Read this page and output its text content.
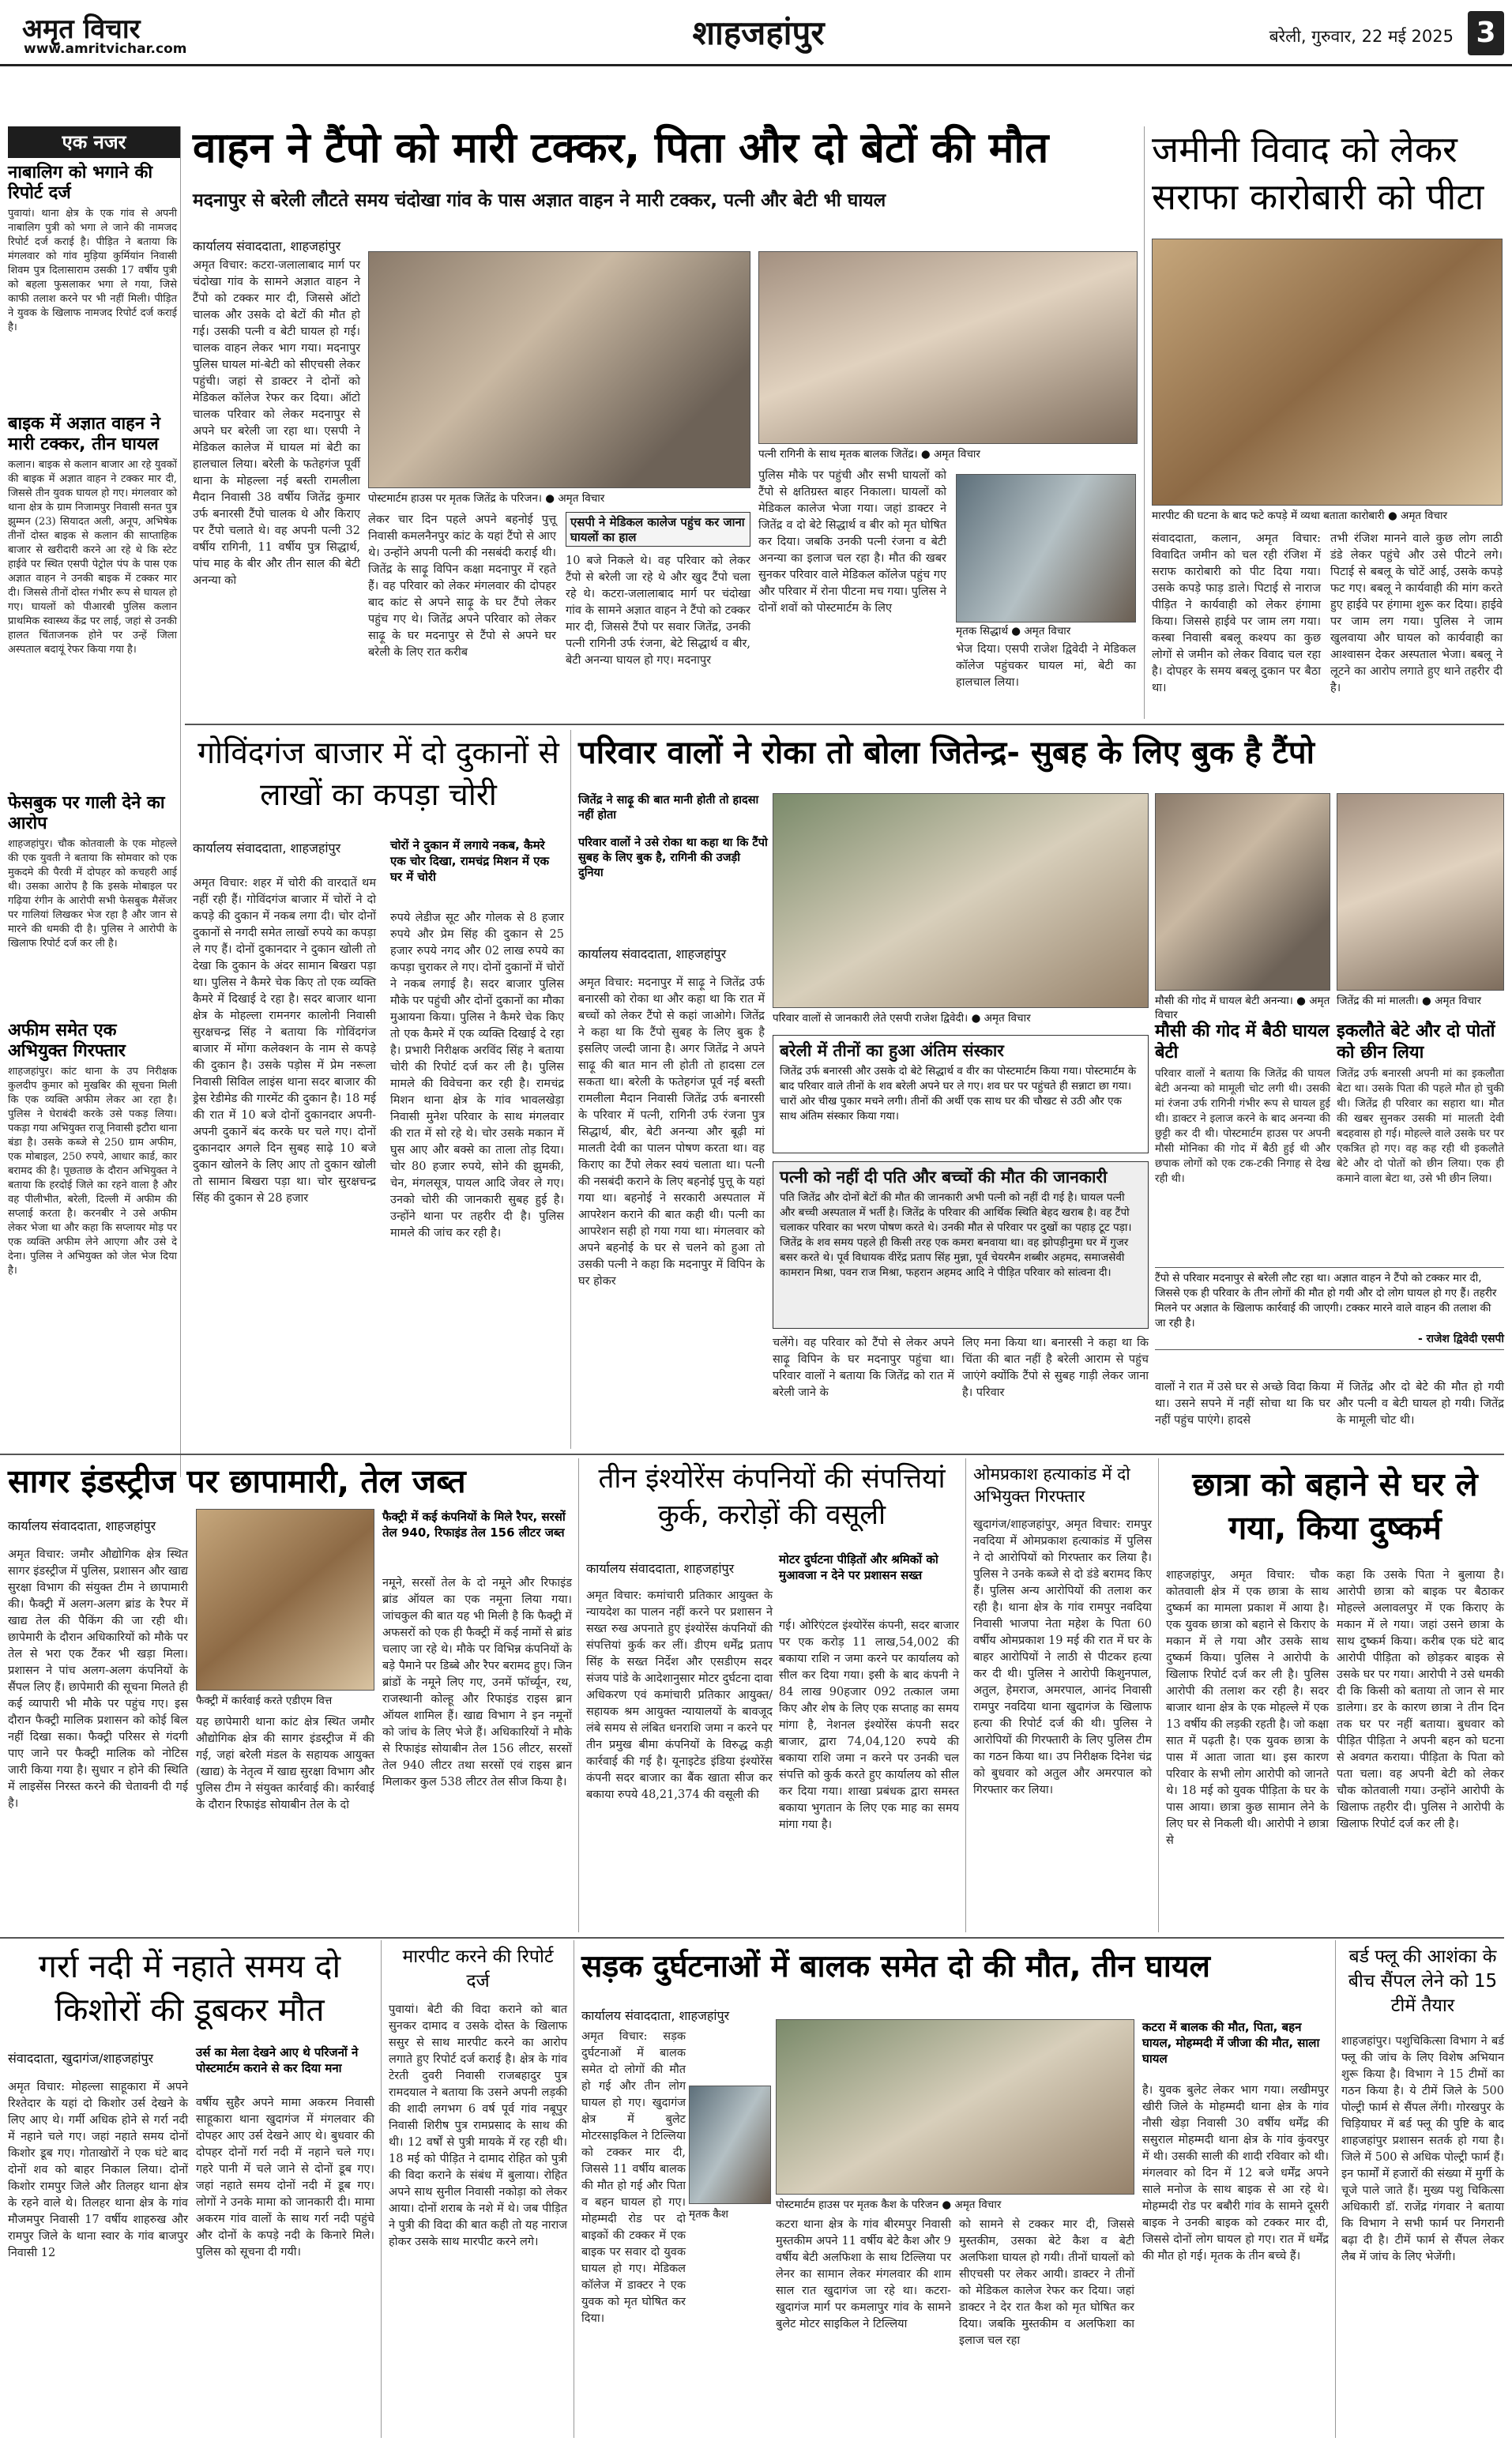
अमृत विचार
www.amritvichar.com	शाहजहांपुर	बरेली, गुरुवार, 22 मई 2025 3
एक नजर
नाबालिग को भगाने की रिपोर्ट दर्ज
पुवायां। थाना क्षेत्र के एक गांव से अपनी नाबालिग पुत्री को भगा ले जाने की नामजद रिपोर्ट दर्ज कराई है। पीड़ित ने बताया कि मंगलवार को गांव मुड़िया कुर्मियांन निवासी शिवम पुत्र दिलासाराम उसकी 17 वर्षीय पुत्री को बहला फुसलाकर भगा ले गया, जिसे काफी तलाश करने पर भी नहीं मिली। पीड़ित ने युवक के खिलाफ नामजद रिपोर्ट दर्ज कराई है।
बाइक में अज्ञात वाहन ने मारी टक्कर, तीन घायल
कलान। बाइक से कलान बाजार आ रहे युवकों की बाइक में अज्ञात वाहन ने टक्कर मार दी, जिससे तीन युवक घायल हो गए। मंगलवार को थाना क्षेत्र के ग्राम निजामपुर निवासी सनत पुत्र झुम्मन (23) सियादत अली, अनूप, अभिषेक तीनों दोस्त बाइक से कलान की साप्ताहिक बाजार से खरीदारी करने आ रहे थे कि स्टेट हाईवे पर स्थित एसपी पेट्रोल पंप के पास एक अज्ञात वाहन ने उनकी बाइक में टक्कर मार दी। जिससे तीनों दोस्त गंभीर रूप से घायल हो गए। घायलों को पीआरबी पुलिस कलान प्राथमिक स्वास्थ्य केंद्र पर लाई, जहां से उनकी हालत चिंताजनक होने पर उन्हें जिला अस्पताल बदायूं रेफर किया गया है।
फेसबुक पर गाली देने का आरोप
शाहजहांपुर। चौक कोतवाली के एक मोहल्ले की एक युवती ने बताया कि सोमवार को एक मुकदमे की पैरवी में दोपहर को कचहरी आई थी। उसका आरोप है कि इसके मोबाइल पर गढ़िया रंगीन के आरोपी सभी फेसबुक मैसेंजर पर गालियां लिखकर भेज रहा है और जान से मारने की धमकी दी है। पुलिस ने आरोपी के खिलाफ रिपोर्ट दर्ज कर ली है।
अफीम समेत एक अभियुक्त गिरफ्तार
शाहजहांपुर। कांट थाना के उप निरीक्षक कुलदीप कुमार को मुखबिर की सूचना मिली कि एक व्यक्ति अफीम लेकर आ रहा है। पुलिस ने घेराबंदी करके उसे पकड़ लिया। पकड़ा गया अभियुक्त राजू निवासी इटौरा थाना बंडा है। उसके कब्जे से 250 ग्राम अफीम, एक मोबाइल, 250 रुपये, आधार कार्ड, कार बरामद की है। पूछताछ के दौरान अभियुक्त ने बताया कि हरदोई जिले का रहने वाला है और वह पीलीभीत, बरेली, दिल्ली में अफीम की सप्लाई करता है। करनबीर ने उसे अफीम लेकर भेजा था और कहा कि सप्लायर मोड़ पर एक व्यक्ति अफीम लेने आएगा और उसे दे देना। पुलिस ने अभियुक्त को जेल भेज दिया है।
वाहन ने टैंपो को मारी टक्कर, पिता और दो बेटों की मौत
मदनापुर से बरेली लौटते समय चंदोखा गांव के पास अज्ञात वाहन ने मारी टक्कर, पत्नी और बेटी भी घायल
कार्यालय संवाददाता, शाहजहांपुर
पोस्टमार्टम हाउस पर मृतक जितेंद्र के परिजन। ● अमृत विचार
पत्नी रागिनी के साथ मृतक बालक जितेंद्र। ● अमृत विचार
अमृत विचार: कटरा-जलालाबाद मार्ग पर चंदोखा गांव के सामने अज्ञात वाहन ने टैंपो को टक्कर मार दी, जिससे ऑटो चालक और उसके दो बेटों की मौत हो गई। उसकी पत्नी व बेटी घायल हो गई। चालक वाहन लेकर भाग गया। मदनापुर पुलिस घायल मां-बेटी को सीएचसी लेकर पहुंची। जहां से डाक्टर ने दोनों को मेडिकल कॉलेज रेफर कर दिया। ऑटो चालक परिवार को लेकर मदनापुर से अपने घर बरेली जा रहा था। एसपी ने मेडिकल कालेज में घायल मां बेटी का हालचाल लिया। बरेली के फतेहगंज पूर्वी थाना के मोहल्ला नई बस्ती रामलीला मैदान निवासी 38 वर्षीय जितेंद्र कुमार उर्फ बनारसी टैंपो चालक थे और किराए पर टैंपो चलाते थे। वह अपनी पत्नी 32 वर्षीय रागिनी, 11 वर्षीय पुत्र सिद्धार्थ, पांच माह के बीर और तीन साल की बेटी अनन्या को
लेकर चार दिन पहले अपने बहनोई पुत्तू निवासी कमलनैनपुर कांट के यहां टैंपो से आए थे। उन्होंने अपनी पत्नी की नसबंदी कराई थी। जितेंद्र के साढ़ू विपिन कक्षा मदनापुर में रहते हैं। वह परिवार को लेकर मंगलवार की दोपहर बाद कांट से अपने साढ़ू के घर टैंपो लेकर पहुंच गए थे। जितेंद्र अपने परिवार को लेकर साढ़ू के घर मदनापुर से टैंपो से अपने घर बरेली के लिए रात करीब
एसपी ने मेडिकल कालेज पहुंच कर जाना घायलों का हाल
10 बजे निकले थे। वह परिवार को लेकर टैंपो से बरेली जा रहे थे और खुद टैंपो चला रहे थे। कटरा-जलालाबाद मार्ग पर चंदोखा गांव के सामने अज्ञात वाहन ने टैंपो को टक्कर मार दी, जिससे टैंपो पर सवार जितेंद्र, उनकी पत्नी रागिनी उर्फ रंजना, बेटे सिद्धार्थ व बीर, बेटी अनन्या घायल हो गए। मदनापुर
पुलिस मौके पर पहुंची और सभी घायलों को टैंपो से क्षतिग्रस्त बाहर निकाला। घायलों को मेडिकल कालेज भेजा गया। जहां डाक्टर ने जितेंद्र व दो बेटे सिद्धार्थ व बीर को मृत घोषित कर दिया। जबकि उनकी पत्नी रंजना व बेटी अनन्या का इलाज चल रहा है। मौत की खबर सुनकर परिवार वाले मेडिकल कॉलेज पहुंच गए और परिवार में रोना पीटना मच गया। पुलिस ने दोनों शवों को पोस्टमार्टम के लिए
मृतक सिद्धार्थ ● अमृत विचार
भेज दिया। एसपी राजेश द्विवेदी ने मेडिकल कॉलेज पहुंचकर घायल मां, बेटी का हालचाल लिया।
जमीनी विवाद को लेकर सराफा कारोबारी को पीटा
मारपीट की घटना के बाद फटे कपड़े में व्यथा बताता कारोबारी ● अमृत विचार
संवाददाता, कलान, अमृत विचार: विवादित जमीन को चल रही रंजिश में सराफ कारोबारी को पीट दिया गया। उसके कपड़े फाड़ डाले। पिटाई से नाराज पीड़ित ने कार्यवाही को लेकर हंगामा किया। जिससे हाईवे पर जाम लग गया। कस्बा निवासी बबलू कश्यप का कुछ लोगों से जमीन को लेकर विवाद चल रहा है। दोपहर के समय बबलू दुकान पर बैठा था।
तभी रंजिश मानने वाले कुछ लोग लाठी डंडे लेकर पहुंचे और उसे पीटने लगे। पिटाई से बबलू के चोटें आई, उसके कपड़े फट गए। बबलू ने कार्यवाही की मांग करते हुए हाईवे पर हंगामा शुरू कर दिया। हाईवे पर जाम लग गया। पुलिस ने जाम खुलवाया और घायल को कार्यवाही का आश्वासन देकर अस्पताल भेजा। बबलू ने लूटने का आरोप लगाते हुए थाने तहरीर दी है।
गोविंदगंज बाजार में दो दुकानों से लाखों का कपड़ा चोरी
कार्यालय संवाददाता, शाहजहांपुर	चोरों ने दुकान में लगाये नकब, कैमरे एक चोर दिखा, रामचंद्र मिशन में एक घर में चोरी
अमृत विचार: शहर में चोरी की वारदातें थम नहीं रही हैं। गोविंदगंज बाजार में चोरों ने दो कपड़े की दुकान में नकब लगा दी। चोर दोनों दुकानों से नगदी समेत लाखों रुपये का कपड़ा ले गए हैं। दोनों दुकानदार ने दुकान खोली तो देखा कि दुकान के अंदर सामान बिखरा पड़ा था। पुलिस ने कैमरे चेक किए तो एक व्यक्ति कैमरे में दिखाई दे रहा है। सदर बाजार थाना क्षेत्र के मोहल्ला रामनगर कालोनी निवासी सुरक्षचन्द्र सिंह ने बताया कि गोविंदगंज बाजार में मोंगा कलेक्शन के नाम से कपड़े की दुकान है। उसके पड़ोस में प्रेम नरूला निवासी सिविल लाइंस थाना सदर बाजार की ड्रेस रेडीमेड की गारमेंट की दुकान है। 18 मई की रात में 10 बजे दोनों दुकानदार अपनी-अपनी दुकानें बंद करके घर चले गए। दोनों दुकानदार अगले दिन सुबह साढ़े 10 बजे दुकान खोलने के लिए आए तो दुकान खोली तो सामान बिखरा पड़ा था। चोर सुरक्षचन्द्र सिंह की दुकान से 28 हजार
रुपये लेडीज सूट और गोलक से 8 हजार रुपये और प्रेम सिंह की दुकान से 25 हजार रुपये नगद और 02 लाख रुपये का कपड़ा चुराकर ले गए। दोनों दुकानों में चोरों ने नकब लगाई है। सदर बाजार पुलिस मौके पर पहुंची और दोनों दुकानों का मौका मुआयना किया। पुलिस ने कैमरे चेक किए तो एक कैमरे में एक व्यक्ति दिखाई दे रहा है। प्रभारी निरीक्षक अरविंद सिंह ने बताया चोरी की रिपोर्ट दर्ज कर ली है। पुलिस मामले की विवेचना कर रही है। रामचंद्र मिशन थाना क्षेत्र के गांव भावलखेड़ा निवासी मुनेश परिवार के साथ मंगलवार की रात में सो रहे थे। चोर उसके मकान में घुस आए और बक्से का ताला तोड़ दिया। चोर 80 हजार रुपये, सोने की झुमकी, चेन, मंगलसूत्र, पायल आदि जेवर ले गए। उनको चोरी की जानकारी सुबह हुई है। उन्होंने थाना पर तहरीर दी है। पुलिस मामले की जांच कर रही है।
परिवार वालों ने रोका तो बोला जितेन्द्र- सुबह के लिए बुक है टैंपो
जितेंद्र ने साढ़ू की बात मानी होती तो हादसा नहीं होता
परिवार वालों ने उसे रोका था कहा था कि टैंपो सुबह के लिए बुक है, रागिनी की उजड़ी दुनिया
कार्यालय संवाददाता, शाहजहांपुर
अमृत विचार: मदनापुर में साढ़ू ने जितेंद्र उर्फ बनारसी को रोका था और कहा था कि रात में बच्चों को लेकर टैंपो से कहां जाओगे। जितेंद्र ने कहा था कि टैंपो सुबह के लिए बुक है इसलिए जल्दी जाना है। अगर जितेंद्र ने अपने साढ़ू की बात मान ली होती तो हादसा टल सकता था। बरेली के फतेहगंज पूर्व नई बस्ती रामलीला मैदान निवासी जितेंद्र उर्फ बनारसी के परिवार में पत्नी, रागिनी उर्फ रंजना पुत्र सिद्धार्थ, बीर, बेटी अनन्या और बूढ़ी मां मालती देवी का पालन पोषण करता था। वह किराए का टैंपो लेकर स्वयं चलाता था। पत्नी की नसबंदी कराने के लिए बहनोई पुत्तू के यहां गया था। बहनोई ने सरकारी अस्पताल में आपरेशन कराने की बात कही थी। पत्नी का आपरेशन सही हो गया गया था। मंगलवार को अपने बहनोई के घर से चलने को हुआ तो उसकी पत्नी ने कहा कि मदनापुर में विपिन के घर होकर
परिवार वालों से जानकारी लेते एसपी राजेश द्विवेदी। ● अमृत विचार
मौसी की गोद में घायल बेटी अनन्या। ● अमृत विचार
जितेंद्र की मां मालती। ● अमृत विचार
बरेली में तीनों का हुआ अंतिम संस्कार
जितेंद्र उर्फ बनारसी और उसके दो बेटे सिद्धार्थ व वीर का पोस्टमार्टम किया गया। पोस्टमार्टम के बाद परिवार वाले तीनों के शव बरेली अपने घर ले गए। शव घर पर पहुंचते ही सन्नाटा छा गया। चारों ओर चीख पुकार मचने लगी। तीनों की अर्थी एक साथ घर की चौखट से उठी और एक साथ अंतिम संस्कार किया गया।
पत्नी को नहीं दी पति और बच्चों की मौत की जानकारी
पति जितेंद्र और दोनों बेटों की मौत की जानकारी अभी पत्नी को नहीं दी गई है। घायल पत्नी और बच्ची अस्पताल में भर्ती है। जितेंद्र के परिवार की आर्थिक स्थिति बेहद खराब है। वह टैंपो चलाकर परिवार का भरण पोषण करते थे। उनकी मौत से परिवार पर दुखों का पहाड़ टूट पड़ा। जितेंद्र के शव समय पहले ही किसी तरह एक कमरा बनवाया था। वह झोपड़ीनुमा घर में गुजर बसर करते थे। पूर्व विधायक वीरेंद्र प्रताप सिंह मुन्ना, पूर्व चेयरमैन शब्बीर अहमद, समाजसेवी कामरान मिश्रा, पवन राज मिश्रा, फहरान अहमद आदि ने पीड़ित परिवार को सांत्वना दी।
चलेंगे। वह परिवार को टैंपो से लेकर अपने साढ़ू विपिन के घर मदनापुर पहुंचा था। परिवार वालों ने बताया कि जितेंद्र को रात में बरेली जाने के
लिए मना किया था। बनारसी ने कहा था कि चिंता की बात नहीं है बरेली आराम से पहुंच जाएंगे क्योंकि टैंपो से सुबह गाड़ी लेकर जाना है। परिवार
मौसी की गोद में बैठी घायल बेटी
परिवार वालों ने बताया कि जितेंद्र की घायल बेटी अनन्या को मामूली चोट लगी थी। उसकी मां रंजना उर्फ रागिनी गंभीर रूप से घायल हुई थी। डाक्टर ने इलाज करने के बाद अनन्या की छुट्टी कर दी थी। पोस्टमार्टम हाउस पर अपनी मौसी मोनिका की गोद में बैठी हुई थी और छपाक लोगों को एक टक-टकी निगाह से देख रही थी।
इकलौते बेटे और दो पोतों को छीन लिया
जितेंद्र उर्फ बनारसी अपनी मां का इकलौता बेटा था। उसके पिता की पहले मौत हो चुकी थी। जितेंद्र ही परिवार का सहारा था। मौत की खबर सुनकर उसकी मां मालती देवी बदहवास हो गई। मोहल्ले वाले उसके घर पर एकत्रित हो गए। वह कह रही थी इकलौते बेटे और दो पोतों को छीन लिया। एक ही कमाने वाला बेटा था, उसे भी छीन लिया।
टैंपो से परिवार मदनापुर से बरेली लौट रहा था। अज्ञात वाहन ने टैंपो को टक्कर मार दी, जिससे एक ही परिवार के तीन लोगों की मौत हो गयी और दो लोग घायल हो गए हैं। तहरीर मिलने पर अज्ञात के खिलाफ कार्रवाई की जाएगी। टक्कर मारने वाले वाहन की तलाश की जा रही है।
- राजेश द्विवेदी एसपी
वालों ने रात में उसे घर से अच्छे विदा किया था। उसने सपने में नहीं सोचा था कि घर नहीं पहुंच पाएंगे। हादसे
में जितेंद्र और दो बेटे की मौत हो गयी और पत्नी व बेटी घायल हो गयी। जितेंद्र के मामूली चोट थी।
सागर इंडस्ट्रीज पर छापामारी, तेल जब्त
कार्यालय संवाददाता, शाहजहांपुर
फैक्ट्री में कई कंपनियों के मिले रैपर, सरसों तेल 940, रिफाइंड तेल 156 लीटर जब्त
अमृत विचार: जमौर औद्योगिक क्षेत्र स्थित सागर इंडस्ट्रीज में पुलिस, प्रशासन और खाद्य सुरक्षा विभाग की संयुक्त टीम ने छापामारी की। फैक्ट्री में अलग-अलग ब्रांड के रैपर में खाद्य तेल की पैकिंग की जा रही थी। छापेमारी के दौरान अधिकारियों को मौके पर तेल से भरा एक टैंकर भी खड़ा मिला। प्रशासन ने पांच अलग-अलग कंपनियों के सैंपल लिए हैं। छापेमारी की सूचना मिलते ही कई व्यापारी भी मौके पर पहुंच गए। इस दौरान फैक्ट्री मालिक प्रशासन को कोई बिल नहीं दिखा सका। फैक्ट्री परिसर से गंदगी पाए जाने पर फैक्ट्री मालिक को नोटिस जारी किया गया है। सुधार न होने की स्थिति में लाइसेंस निरस्त करने की चेतावनी दी गई है।
फैक्ट्री में कार्रवाई करते एडीएम वित्त
यह छापेमारी थाना कांट क्षेत्र स्थित जमौर औद्योगिक क्षेत्र की सागर इंडस्ट्रीज में की गई, जहां बरेली मंडल के सहायक आयुक्त (खाद्य) के नेतृत्व में खाद्य सुरक्षा विभाग और पुलिस टीम ने संयुक्त कार्रवाई की। कार्रवाई के दौरान रिफाइंड सोयाबीन तेल के दो
नमूने, सरसों तेल के दो नमूने और रिफाइंड ब्रांड ऑयल का एक नमूना लिया गया। जांचकुल की बात यह भी मिली है कि फैक्ट्री में अफसरों को एक ही फैक्ट्री में कई नामों से ब्रांड चलाए जा रहे थे। मौके पर विभिन्न कंपनियों के बड़े पैमाने पर डिब्बे और रैपर बरामद हुए। जिन ब्रांडों के नमूने लिए गए, उनमें फॉर्च्यून, रथ, राजस्थानी कोल्हू और रिफाइंड राइस ब्रान ऑयल शामिल हैं। खाद्य विभाग ने इन नमूनों को जांच के लिए भेजे हैं। अधिकारियों ने मौके से रिफाइंड सोयाबीन तेल 156 लीटर, सरसों तेल 940 लीटर तथा सरसों एवं राइस ब्रान मिलाकर कुल 538 लीटर तेल सीज किया है।
तीन इंश्योरेंस कंपनियों की संपत्तियां कुर्क, करोड़ों की वसूली
कार्यालय संवाददाता, शाहजहांपुर
मोटर दुर्घटना पीड़ितों और श्रमिकों को मुआवजा न देने पर प्रशासन सख्त
अमृत विचार: कमांचारी प्रतिकार आयुक्त के न्यायदेश का पालन नहीं करने पर प्रशासन ने सख्त रुख अपनाते हुए इंश्योरेंस कंपनियों की संपत्तियां कुर्क कर लीं। डीएम धर्मेंद्र प्रताप सिंह के सख्त निर्देश और एसडीएम सदर संजय पांडे के आदेशानुसार मोटर दुर्घटना दावा अधिकरण एवं कमांचारी प्रतिकार आयुक्त/सहायक श्रम आयुक्त न्यायालयों के बावजूद लंबे समय से लंबित धनराशि जमा न करने पर तीन प्रमुख बीमा कंपनियों के विरुद्ध कड़ी कार्रवाई की गई है। यूनाइटेड इंडिया इंश्योरेंस कंपनी सदर बाजार का बैंक खाता सीज कर बकाया रुपये 48,21,374 की वसूली की
गई। ओरिएंटल इंश्योरेंस कंपनी, सदर बाजार पर एक करोड़ 11 लाख,54,002 की बकाया राशि न जमा करने पर कार्यालय को सील कर दिया गया। इसी के बाद कंपनी ने 84 लाख 90हजार 092 तत्काल जमा किए और शेष के लिए एक सप्ताह का समय मांगा है, नेशनल इंश्योरेंस कंपनी सदर बाजार, द्वारा 74,04,120 रुपये की बकाया राशि जमा न करने पर उनकी चल संपत्ति को कुर्क करते हुए कार्यालय को सील कर दिया गया। शाखा प्रबंधक द्वारा समस्त बकाया भुगतान के लिए एक माह का समय मांगा गया है।
ओमप्रकाश हत्याकांड में दो अभियुक्त गिरफ्तार
खुदागंज/शाहजहांपुर, अमृत विचार: रामपुर नवदिया में ओमप्रकाश हत्याकांड में पुलिस ने दो आरोपियों को गिरफ्तार कर लिया है। पुलिस ने उनके कब्जे से दो डंडे बरामद किए हैं। पुलिस अन्य आरोपियों की तलाश कर रही है। थाना क्षेत्र के गांव रामपुर नवदिया निवासी भाजपा नेता महेश के पिता 60 वर्षीय ओमप्रकाश 19 मई की रात में घर के बाहर आरोपियों ने लाठी से पीटकर हत्या कर दी थी। पुलिस ने आरोपी किशुनपाल, अतुल, हेमराज, अमरपाल, आनंद निवासी रामपुर नवदिया थाना खुदागंज के खिलाफ हत्या की रिपोर्ट दर्ज की थी। पुलिस ने आरोपियों की गिरफ्तारी के लिए पुलिस टीम का गठन किया था। उप निरीक्षक दिनेश चंद्र को बुधवार को अतुल और अमरपाल को गिरफ्तार कर लिया।
छात्रा को बहाने से घर ले गया, किया दुष्कर्म
शाहजहांपुर, अमृत विचार: चौक कोतवाली क्षेत्र में एक छात्रा के साथ दुष्कर्म का मामला प्रकाश में आया है। एक युवक छात्रा को बहाने से किराए के मकान में ले गया और उसके साथ दुष्कर्म किया। पुलिस ने आरोपी के खिलाफ रिपोर्ट दर्ज कर ली है। पुलिस आरोपी की तलाश कर रही है। सदर बाजार थाना क्षेत्र के एक मोहल्ले में एक 13 वर्षीय की लड़की रहती है। जो कक्षा सात में पढ़ती है। एक युवक छात्रा के पास में आता जाता था। इस कारण परिवार के सभी लोग आरोपी को जानते थे। 18 मई को युवक पीड़िता के घर के पास आया। छात्रा कुछ सामान लेने के लिए घर से निकली थी। आरोपी ने छात्रा से
कहा कि उसके पिता ने बुलाया है। आरोपी छात्रा को बाइक पर बैठाकर मोहल्ले अलावलपुर में एक किराए के मकान में ले गया। जहां उसने छात्रा के साथ दुष्कर्म किया। करीब एक घंटे बाद आरोपी पीड़िता को छोड़कर बाइक से उसके घर पर गया। आरोपी ने उसे धमकी दी कि किसी को बताया तो जान से मार डालेगा। डर के कारण छात्रा ने तीन दिन तक घर पर नहीं बताया। बुधवार को पीड़ित पीड़िता ने अपनी बहन को घटना से अवगत कराया। पीड़िता के पिता को पता चला। वह अपनी बेटी को लेकर चौक कोतवाली गया। उन्होंने आरोपी के खिलाफ तहरीर दी। पुलिस ने आरोपी के खिलाफ रिपोर्ट दर्ज कर ली है।
गर्रा नदी में नहाते समय दो किशोरों की डूबकर मौत
संवाददाता, खुदागंज/शाहजहांपुर	उर्स का मेला देखने आए थे परिजनों ने पोस्टमार्टम कराने से कर दिया मना
अमृत विचार: मोहल्ला साहूकारा में अपने रिश्तेदार के यहां दो किशोर उर्स देखने के लिए आए थे। गर्मी अधिक होने से गर्रा नदी में नहाने चले गए। जहां नहाते समय दोनों किशोर डूब गए। गोताखोरों ने एक घंटे बाद दोनों शव को बाहर निकाल लिया। दोनों किशोर रामपुर जिले और तिलहर थाना क्षेत्र के रहने वाले थे। तिलहर थाना क्षेत्र के गांव मौजमपुर निवासी 17 वर्षीय शाहरुख और रामपुर जिले के थाना स्वार के गांव बाजपुर निवासी 12
वर्षीय सुहैर अपने मामा अकरम निवासी साहूकारा थाना खुदागंज में मंगलवार की दोपहर आए उर्स देखने आए थे। बुधवार की दोपहर दोनों गर्रा नदी में नहाने चले गए। गहरे पानी में चले जाने से दोनों डूब गए। जहां नहाते समय दोनों नदी में डूब गए। लोगों ने उनके मामा को जानकारी दी। मामा अकरम गांव वालों के साथ गर्रा नदी पहुंचे और दोनों के कपड़े नदी के किनारे मिले। पुलिस को सूचना दी गयी।
मारपीट करने की रिपोर्ट दर्ज
पुवायां। बेटी की विदा कराने को बात सुनकर दामाद व उसके दोस्त के खिलाफ ससुर से साथ मारपीट करने का आरोप लगाते हुए रिपोर्ट दर्ज कराई है। क्षेत्र के गांव टेरती दुवरी निवासी राजबहादुर पुत्र रामदयाल ने बताया कि उसने अपनी लड़की की शादी लगभग 6 वर्ष पूर्व गांव नबूपुर निवासी शिरीष पुत्र रामप्रसाद के साथ की थी। 12 वर्षों से पुत्री मायके में रह रही थी। 18 मई को पीड़ित ने दामाद रोहित को पुत्री की विदा कराने के संबंध में बुलाया। रोहित अपने साथ सुनील निवासी नकोड़ा को लेकर आया। दोनों शराब के नशे में थे। जब पीड़ित ने पुत्री की विदा की बात कही तो यह नाराज होकर उसके साथ मारपीट करने लगे।
सड़क दुर्घटनाओं में बालक समेत दो की मौत, तीन घायल
कार्यालय संवाददाता, शाहजहांपुर
अमृत विचार: सड़क दुर्घटनाओं में बालक समेत दो लोगों की मौत हो गई और तीन लोग घायल हो गए। खुदागंज क्षेत्र में बुलेट मोटरसाइकिल ने टिल्लिया को टक्कर मार दी, जिससे 11 वर्षीय बालक की मौत हो गई और पिता व बहन घायल हो गए। मोहम्मदी रोड पर दो बाइकों की टक्कर में एक बाइक पर सवार दो युवक घायल हो गए। मेडिकल कॉलेज में डाक्टर ने एक युवक को मृत घोषित कर दिया।
मृतक कैश
पोस्टमार्टम हाउस पर मृतक कैश के परिजन ● अमृत विचार
कटरा थाना क्षेत्र के गांव बीरमपुर निवासी मुस्तकीम अपने 11 वर्षीय बेटे कैश और 9 वर्षीय बेटी अलफिशा के साथ टिल्लिया पर लेनर का सामान लेकर मंगलवार की शाम साल रात खुदागंज जा रहे था। कटरा-खुदागंज मार्ग पर कमलापुर गांव के सामने बुलेट मोटर साइकिल ने टिल्लिया
को सामने से टक्कर मार दी, जिससे मुस्तकीम, उसका बेटे कैश व बेटी अलफिशा घायल हो गयी। तीनों घायलों को सीएचसी पर लेकर आयी। डाक्टर ने तीनों को मेडिकल कालेज रेफर कर दिया। जहां डाक्टर ने देर रात कैश को मृत घोषित कर दिया। जबकि मुस्तकीम व अलफिशा का इलाज चल रहा
कटरा में बालक की मौत, पिता, बहन घायल, मोहम्मदी में जीजा की मौत, साला घायल
है। युवक बुलेट लेकर भाग गया। लखीमपुर खीरी जिले के मोहम्मदी थाना क्षेत्र के गांव नौसी खेड़ा निवासी 30 वर्षीय धर्मेंद्र की ससुराल मोहम्मदी थाना क्षेत्र के गांव कुंवरपुर में थी। उसकी साली की शादी रविवार को थी। मंगलवार को दिन में 12 बजे धर्मेंद्र अपने साले मनोज के साथ बाइक से आ रहे थे। मोहम्मदी रोड पर बबौरी गांव के सामने दूसरी बाइक ने उनकी बाइक को टक्कर मार दी, जिससे दोनों लोग घायल हो गए। रात में धर्मेंद्र की मौत हो गई। मृतक के तीन बच्चे हैं।
बर्ड फ्लू की आशंका के बीच सैंपल लेने को 15 टीमें तैयार
शाहजहांपुर। पशुचिकित्सा विभाग ने बर्ड फ्लू की जांच के लिए विशेष अभियान शुरू किया है। विभाग ने 15 टीमों का गठन किया है। ये टीमें जिले के 500 पोल्ट्री फार्म से सैंपल लेंगी। गोरखपुर के चिड़ियाघर में बर्ड फ्लू की पुष्टि के बाद शाहजहांपुर प्रशासन सतर्क हो गया है। जिले में 500 से अधिक पोल्ट्री फार्म हैं। इन फार्मों में हजारों की संख्या में मुर्गी के चूजे पाले जाते हैं। मुख्य पशु चिकित्सा अधिकारी डॉ. राजेंद्र गंगवार ने बताया कि विभाग ने सभी फार्म पर निगरानी बढ़ा दी है। टीमें फार्म से सैंपल लेकर लैब में जांच के लिए भेजेंगी।
